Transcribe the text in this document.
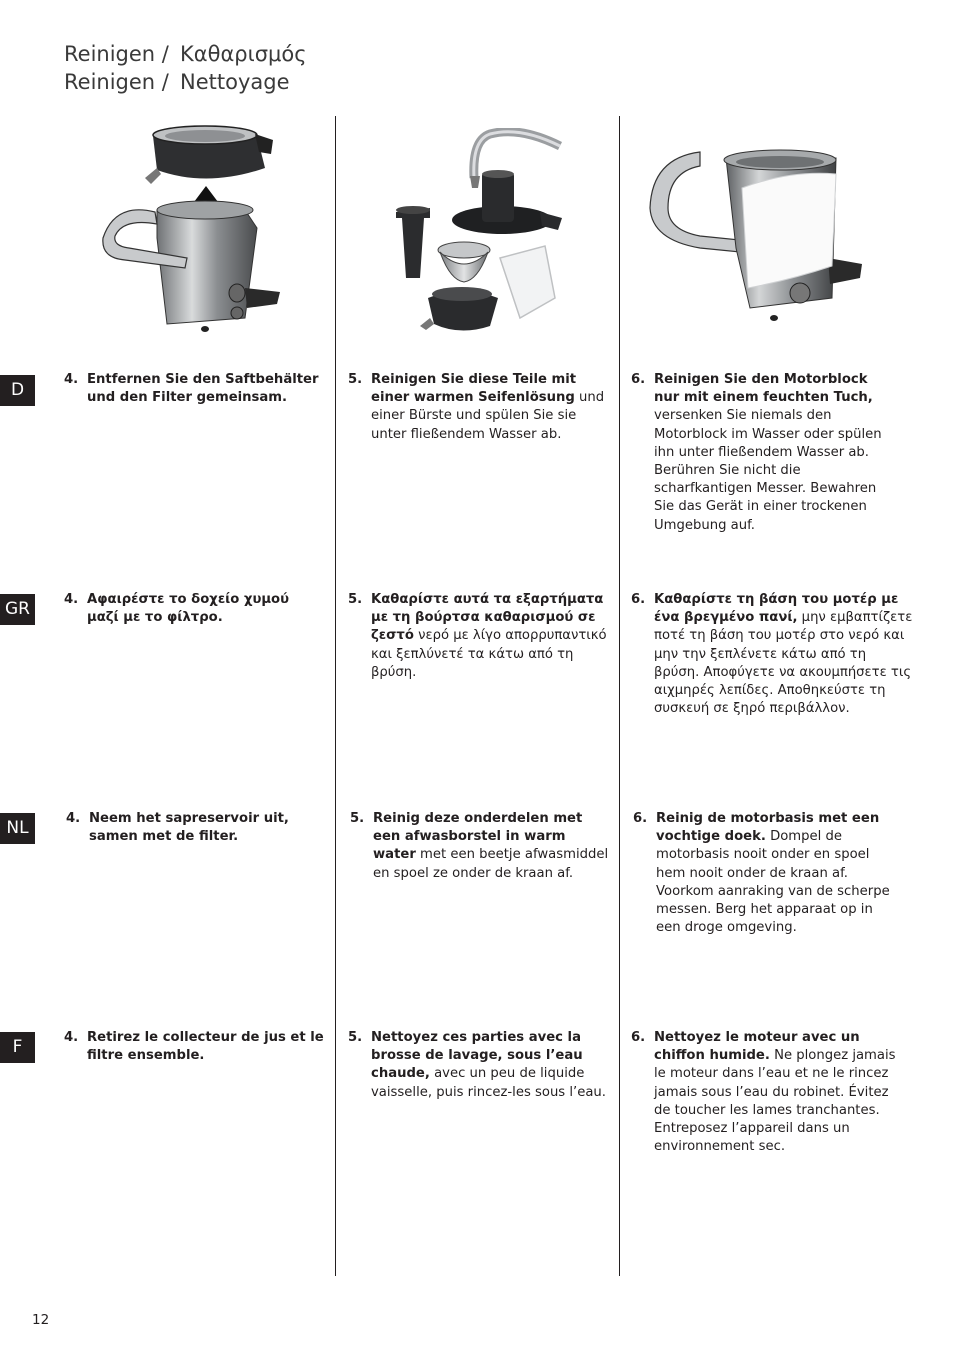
Reinigen / Καθαρισμός
Reinigen / Nettoyage
D
GR
NL
F
4. Entfernen Sie den Saftbehälter und den Filter gemeinsam.
5. Reinigen Sie diese Teile mit einer warmen Seifenlösung und einer Bürste und spülen Sie sie unter fließendem Wasser ab.
6. Reinigen Sie den Motorblock nur mit einem feuchten Tuch, versenken Sie niemals den Motorblock im Wasser oder spülen ihn unter fließendem Wasser ab. Berühren Sie nicht die scharfkantigen Messer. Bewahren Sie das Gerät in einer trockenen Umgebung auf.
4. Αφαιρέστε το δοχείο χυμού μαζί με το φίλτρο.
5. Καθαρίστε αυτά τα εξαρτήματα με τη βούρτσα καθαρισμού σε ζεστό νερό με λίγο απορρυπαντικό και ξεπλύνετέ τα κάτω από τη βρύση.
6. Καθαρίστε τη βάση του μοτέρ με ένα βρεγμένο πανί, μην εμβαπτίζετε ποτέ τη βάση του μοτέρ στο νερό και μην την ξεπλένετε κάτω από τη βρύση. Αποφύγετε να ακουμπήσετε τις αιχμηρές λεπίδες. Αποθηκεύστε τη συσκευή σε ξηρό περιβάλλον.
4. Neem het sapreservoir uit, samen met de filter.
5. Reinig deze onderdelen met een afwasborstel in warm water met een beetje afwasmiddel en spoel ze onder de kraan af.
6. Reinig de motorbasis met een vochtige doek. Dompel de motorbasis nooit onder en spoel hem nooit onder de kraan af. Voorkom aanraking van de scherpe messen. Berg het apparaat op in een droge omgeving.
4. Retirez le collecteur de jus et le filtre ensemble.
5. Nettoyez ces parties avec la brosse de lavage, sous l’eau chaude, avec un peu de liquide vaisselle, puis rincez-les sous l’eau.
6. Nettoyez le moteur avec un chiffon humide. Ne plongez jamais le moteur dans l’eau et ne le rincez jamais sous l’eau du robinet. Évitez de toucher les lames tranchantes. Entreposez l’appareil dans un environnement sec.
12
